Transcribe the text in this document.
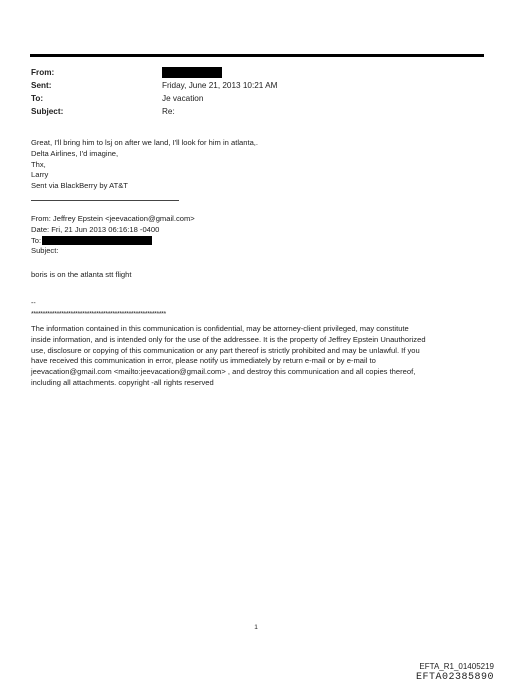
From:
Sent:	Friday, June 21, 2013 10:21 AM
To:	Je vacation
Subject:	Re:

Great, I'll bring him to lsj on after we land, I'll look for him in atlanta,.

Delta Airlines, I'd imagine,

Thx,

Larry

Sent via BlackBerry by AT&T

From: Jeffrey Epstein <jeevacation@gmail.com>

Date: Fri, 21 Jun 2013 06:16:18 -0400

To:

Subject:

boris is on the atlanta stt flight
--
**********************************************************

The information contained in this communication is confidential, may be attorney-client privileged, may constitute

inside information, and is intended only for the use of the addressee. It is the property of Jeffrey Epstein Unauthorized

use, disclosure or copying of this communication or any part thereof is strictly prohibited and may be unlawful. If you

have received this communication in error, please notify us immediately by return e-mail or by e-mail to

jeevacation@gmail.com <mailto:jeevacation@gmail.com> , and destroy this communication and all copies thereof,

including all attachments. copyright -all rights reserved

1
EFTA_R1_01405219
EFTA02385890
